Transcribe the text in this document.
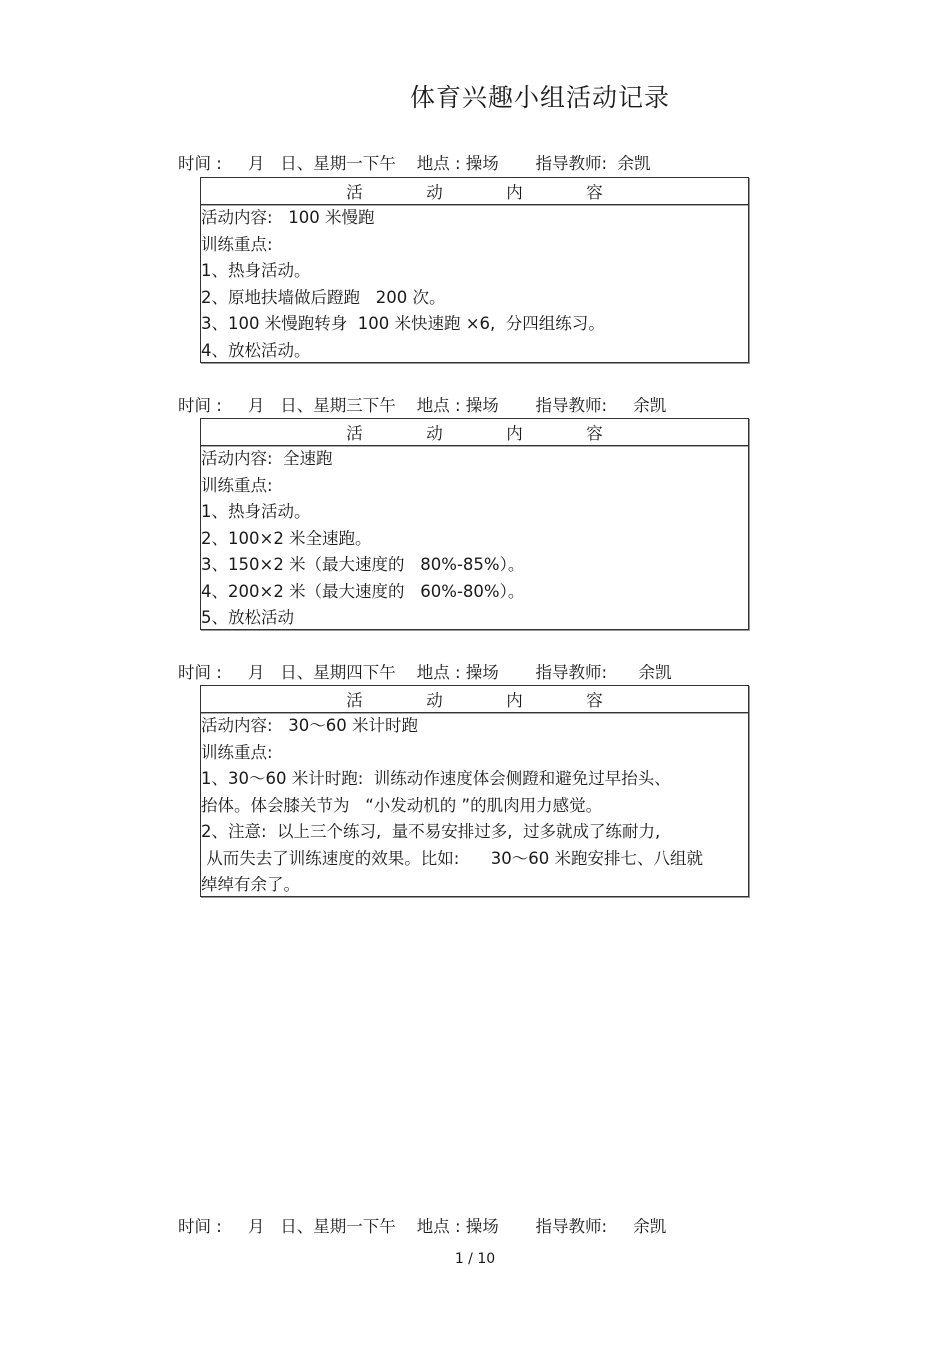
体育兴趣小组活动记录
时间 :     月   日、星期一下午    地点 : 操场       指导教师:  余凯
活	动	内	容
活动内容:   100 米慢跑
训练重点:
1、热身活动。
2、原地扶墙做后蹬跑   200 次。
3、100 米慢跑转身  100 米快速跑 ×6,  分四组练习。
4、放松活动。
时间 :     月   日、星期三下午    地点 : 操场       指导教师:     余凯
活	动	内	容
活动内容:  全速跑
训练重点:
1、热身活动。
2、100×2 米全速跑。
3、150×2 米（最大速度的   80%-85%）。
4、200×2 米（最大速度的   60%-80%）。
5、放松活动
时间 :     月   日、星期四下午    地点 : 操场       指导教师:      余凯
活	动	内	容
活动内容:   30～60 米计时跑
训练重点:
1、30～60 米计时跑:  训练动作速度体会侧蹬和避免过早抬头、
抬体。体会膝关节为   “小发动机的 ”的肌肉用力感觉。
2、注意:  以上三个练习,  量不易安排过多,  过多就成了练耐力,
从而失去了训练速度的效果。比如:      30～60 米跑安排七、八组就
绰绰有余了。
时间 :     月   日、星期一下午    地点 : 操场       指导教师:     余凯
1 / 10
